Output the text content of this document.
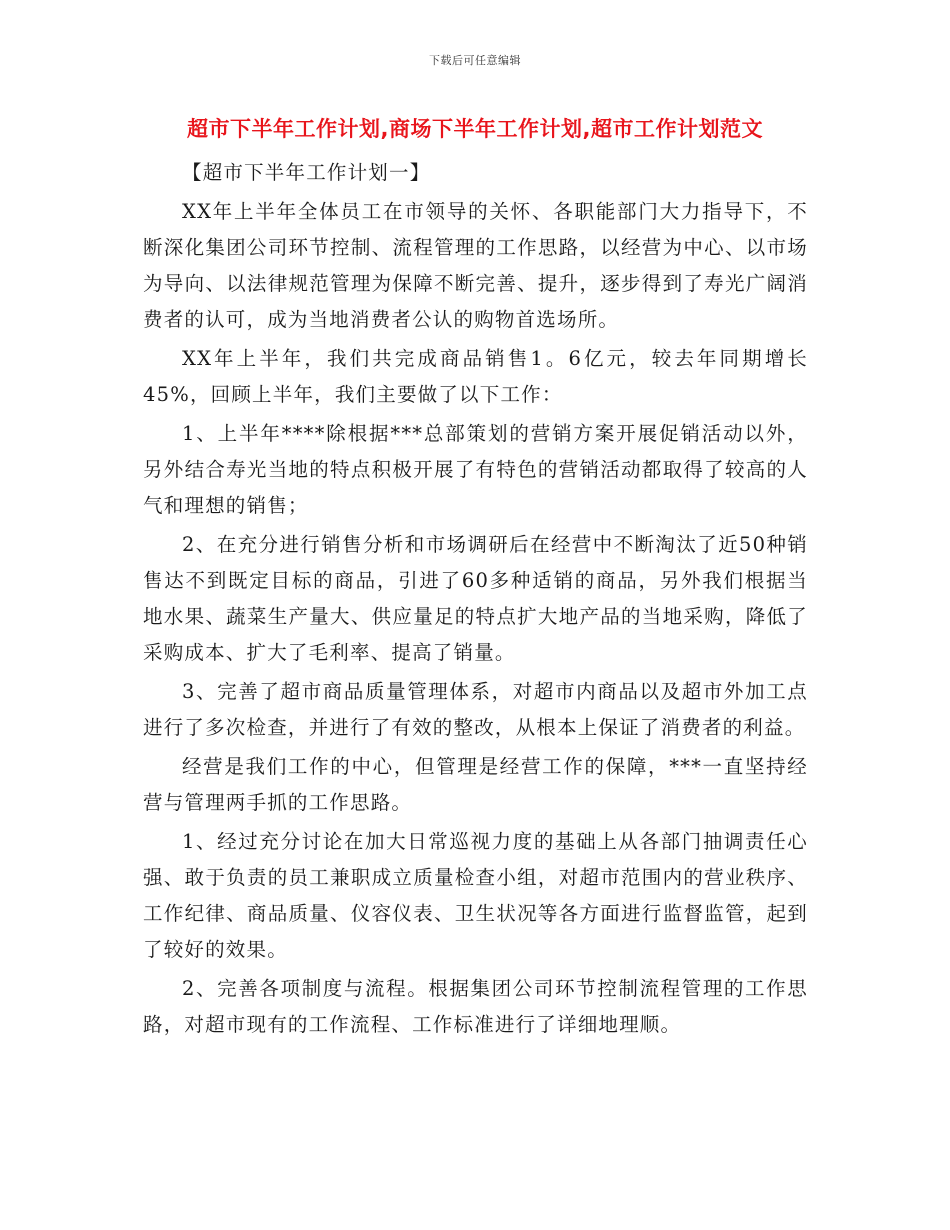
下载后可任意编辑
超市下半年工作计划,商场下半年工作计划,超市工作计划范文

【超市下半年工作计划一】

XX年上半年全体员工在市领导的关怀、各职能部门大力指导下，不断深化集团公司环节控制、流程管理的工作思路，以经营为中心、以市场为导向、以法律规范管理为保障不断完善、提升，逐步得到了寿光广阔消费者的认可，成为当地消费者公认的购物首选场所。

XX年上半年，我们共完成商品销售1。6亿元，较去年同期增长45%，回顾上半年，我们主要做了以下工作：

1、上半年****除根据***总部策划的营销方案开展促销活动以外，另外结合寿光当地的特点积极开展了有特色的营销活动都取得了较高的人气和理想的销售；

2、在充分进行销售分析和市场调研后在经营中不断淘汰了近50种销售达不到既定目标的商品，引进了60多种适销的商品，另外我们根据当地水果、蔬菜生产量大、供应量足的特点扩大地产品的当地采购，降低了采购成本、扩大了毛利率、提高了销量。

3、完善了超市商品质量管理体系，对超市内商品以及超市外加工点进行了多次检查，并进行了有效的整改，从根本上保证了消费者的利益。

经营是我们工作的中心，但管理是经营工作的保障，***一直坚持经营与管理两手抓的工作思路。

1、经过充分讨论在加大日常巡视力度的基础上从各部门抽调责任心强、敢于负责的员工兼职成立质量检查小组，对超市范围内的营业秩序、工作纪律、商品质量、仪容仪表、卫生状况等各方面进行监督监管，起到了较好的效果。

2、完善各项制度与流程。根据集团公司环节控制流程管理的工作思路，对超市现有的工作流程、工作标准进行了详细地理顺。
